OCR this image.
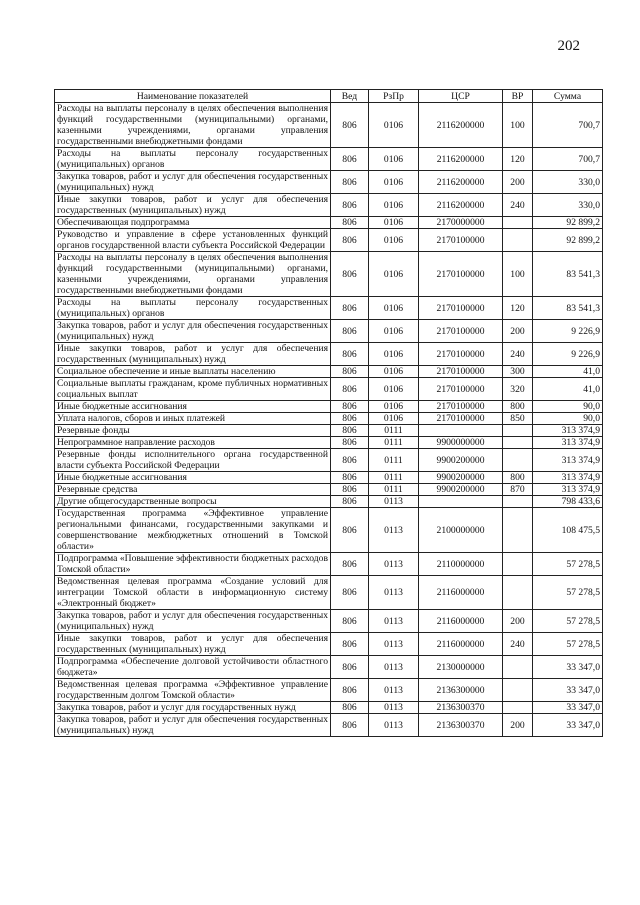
202
Наименование показателей	Вед	РзПр	ЦСР	ВР	Сумма
Расходы на выплаты персоналу в целях обеспечения выполнения функций государственными (муниципальными) органами, казенными учреждениями, органами управления государственными внебюджетными фондами	806	0106	2116200000	100	700,7
Расходы на выплаты персоналу государственных (муниципальных) органов	806	0106	2116200000	120	700,7
Закупка товаров, работ и услуг для обеспечения государственных (муниципальных) нужд	806	0106	2116200000	200	330,0
Иные закупки товаров, работ и услуг для обеспечения государственных (муниципальных) нужд	806	0106	2116200000	240	330,0
Обеспечивающая подпрограмма	806	0106	2170000000		92 899,2
Руководство и управление в сфере установленных функций органов государственной власти субъекта Российской Федерации	806	0106	2170100000		92 899,2
Расходы на выплаты персоналу в целях обеспечения выполнения функций государственными (муниципальными) органами, казенными учреждениями, органами управления государственными внебюджетными фондами	806	0106	2170100000	100	83 541,3
Расходы на выплаты персоналу государственных (муниципальных) органов	806	0106	2170100000	120	83 541,3
Закупка товаров, работ и услуг для обеспечения государственных (муниципальных) нужд	806	0106	2170100000	200	9 226,9
Иные закупки товаров, работ и услуг для обеспечения государственных (муниципальных) нужд	806	0106	2170100000	240	9 226,9
Социальное обеспечение и иные выплаты населению	806	0106	2170100000	300	41,0
Социальные выплаты гражданам, кроме публичных нормативных социальных выплат	806	0106	2170100000	320	41,0
Иные бюджетные ассигнования	806	0106	2170100000	800	90,0
Уплата налогов, сборов и иных платежей	806	0106	2170100000	850	90,0
Резервные фонды	806	0111			313 374,9
Непрограммное направление расходов	806	0111	9900000000		313 374,9
Резервные фонды исполнительного органа государственной власти субъекта Российской Федерации	806	0111	9900200000		313 374,9
Иные бюджетные ассигнования	806	0111	9900200000	800	313 374,9
Резервные средства	806	0111	9900200000	870	313 374,9
Другие общегосударственные вопросы	806	0113			798 433,6
Государственная программа «Эффективное управление региональными финансами, государственными закупками и совершенствование межбюджетных отношений в Томской области»	806	0113	2100000000		108 475,5
Подпрограмма «Повышение эффективности бюджетных расходов Томской области»	806	0113	2110000000		57 278,5
Ведомственная целевая программа «Создание условий для интеграции Томской области в информационную систему «Электронный бюджет»	806	0113	2116000000		57 278,5
Закупка товаров, работ и услуг для обеспечения государственных (муниципальных) нужд	806	0113	2116000000	200	57 278,5
Иные закупки товаров, работ и услуг для обеспечения государственных (муниципальных) нужд	806	0113	2116000000	240	57 278,5
Подпрограмма «Обеспечение долговой устойчивости областного бюджета»	806	0113	2130000000		33 347,0
Ведомственная целевая программа «Эффективное управление государственным долгом Томской области»	806	0113	2136300000		33 347,0
Закупка товаров, работ и услуг для государственных нужд	806	0113	2136300370		33 347,0
Закупка товаров, работ и услуг для обеспечения государственных (муниципальных) нужд	806	0113	2136300370	200	33 347,0
